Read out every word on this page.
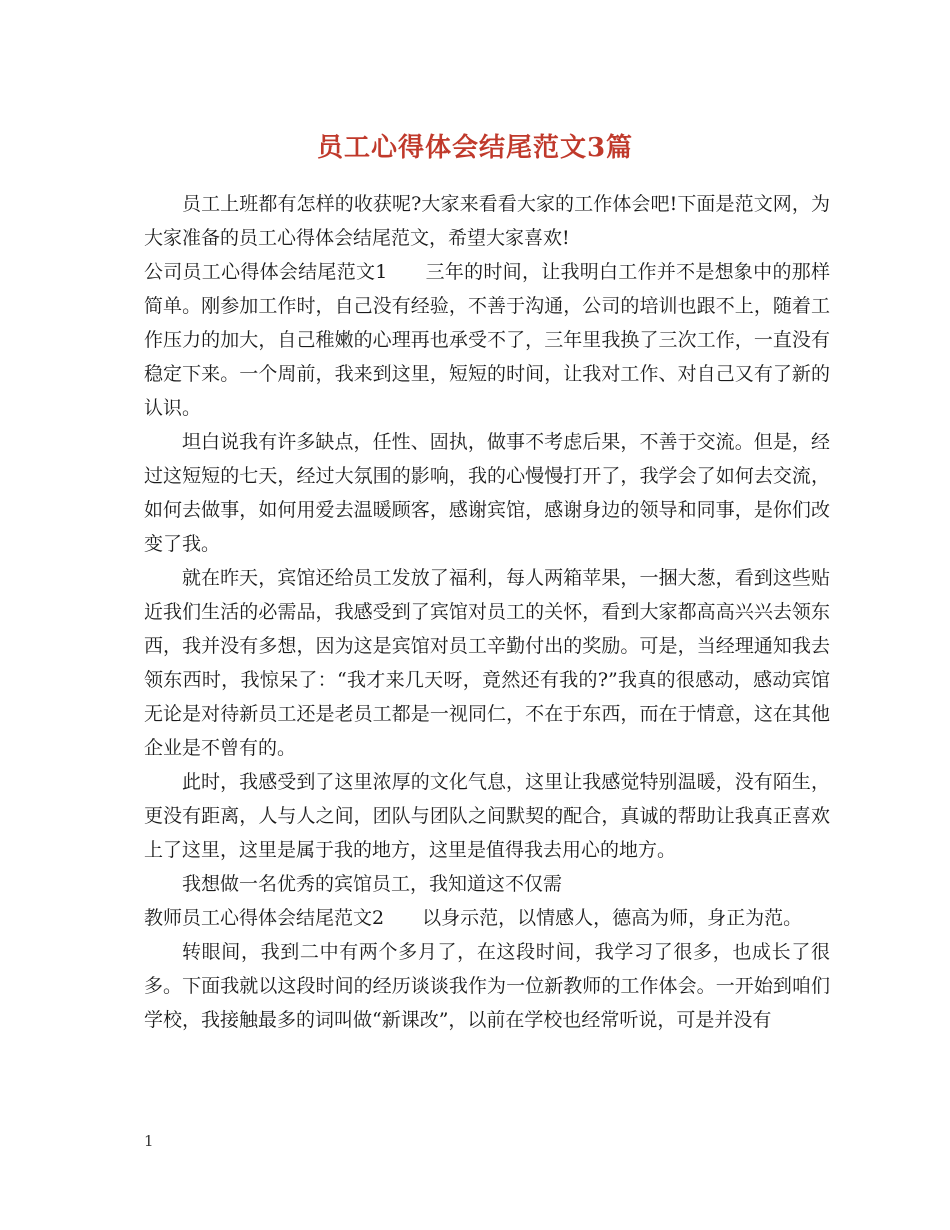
员工心得体会结尾范文3篇

员工上班都有怎样的收获呢?大家来看看大家的工作体会吧!下面是范文网，为大家准备的员工心得体会结尾范文，希望大家喜欢!

公司员工心得体会结尾范文1 三年的时间，让我明白工作并不是想象中的那样简单。刚参加工作时，自己没有经验，不善于沟通，公司的培训也跟不上，随着工作压力的加大，自己稚嫩的心理再也承受不了，三年里我换了三次工作，一直没有稳定下来。一个周前，我来到这里，短短的时间，让我对工作、对自己又有了新的认识。

坦白说我有许多缺点，任性、固执，做事不考虑后果，不善于交流。但是，经过这短短的七天，经过大氛围的影响，我的心慢慢打开了，我学会了如何去交流，如何去做事，如何用爱去温暖顾客，感谢宾馆，感谢身边的领导和同事，是你们改变了我。

就在昨天，宾馆还给员工发放了福利，每人两箱苹果，一捆大葱，看到这些贴近我们生活的必需品，我感受到了宾馆对员工的关怀，看到大家都高高兴兴去领东西，我并没有多想，因为这是宾馆对员工辛勤付出的奖励。可是，当经理通知我去领东西时，我惊呆了：“我才来几天呀，竟然还有我的?”我真的很感动，感动宾馆无论是对待新员工还是老员工都是一视同仁，不在于东西，而在于情意，这在其他企业是不曾有的。

此时，我感受到了这里浓厚的文化气息，这里让我感觉特别温暖，没有陌生，更没有距离，人与人之间，团队与团队之间默契的配合，真诚的帮助让我真正喜欢上了这里，这里是属于我的地方，这里是值得我去用心的地方。

我想做一名优秀的宾馆员工，我知道这不仅需

教师员工心得体会结尾范文2 以身示范，以情感人，德高为师，身正为范。

转眼间，我到二中有两个多月了，在这段时间，我学习了很多，也成长了很多。下面我就以这段时间的经历谈谈我作为一位新教师的工作体会。一开始到咱们学校，我接触最多的词叫做“新课改”，以前在学校也经常听说，可是并没有

1
